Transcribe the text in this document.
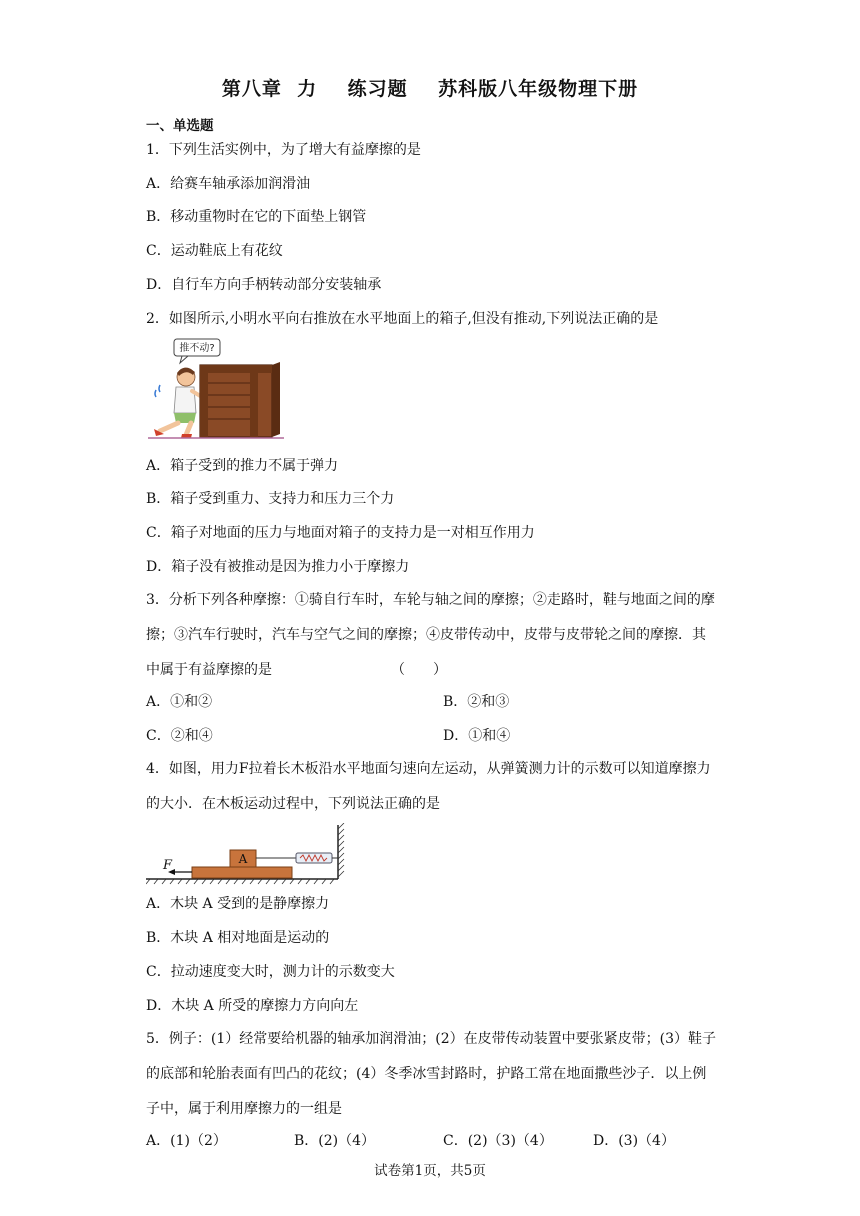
第八章  力    练习题    苏科版八年级物理下册
一、单选题
1．下列生活实例中，为了增大有益摩擦的是
A．给赛车轴承添加润滑油
B．移动重物时在它的下面垫上钢管
C．运动鞋底上有花纹
D．自行车方向手柄转动部分安装轴承
2．如图所示,小明水平向右推放在水平地面上的箱子,但没有推动,下列说法正确的是
推不动?
A．箱子受到的推力不属于弹力
B．箱子受到重力、支持力和压力三个力
C．箱子对地面的压力与地面对箱子的支持力是一对相互作用力
D．箱子没有被推动是因为推力小于摩擦力
3．分析下列各种摩擦：①骑自行车时，车轮与轴之间的摩擦；②走路时，鞋与地面之间的摩擦；③汽车行驶时，汽车与空气之间的摩擦；④皮带传动中，皮带与皮带轮之间的摩擦．其中属于有益摩擦的是　　　　　　　　　（　　）
A．①和②	B．②和③
C．②和④	D．①和④
4．如图，用力F拉着长木板沿水平地面匀速向左运动，从弹簧测力计的示数可以知道摩擦力的大小．在木板运动过程中，下列说法正确的是
A
F
A．木块 A 受到的是静摩擦力
B．木块 A 相对地面是运动的
C．拉动速度变大时，测力计的示数变大
D．木块 A 所受的摩擦力方向向左
5．例子：(1）经常要给机器的轴承加润滑油；(2）在皮带传动装置中要张紧皮带；(3）鞋子的底部和轮胎表面有凹凸的花纹；(4）冬季冰雪封路时，护路工常在地面撒些沙子．以上例子中，属于利用摩擦力的一组是
A．(1)（2）	B．(2)（4）	C．(2)（3)（4）	D．(3)（4）
试卷第1页，共5页
